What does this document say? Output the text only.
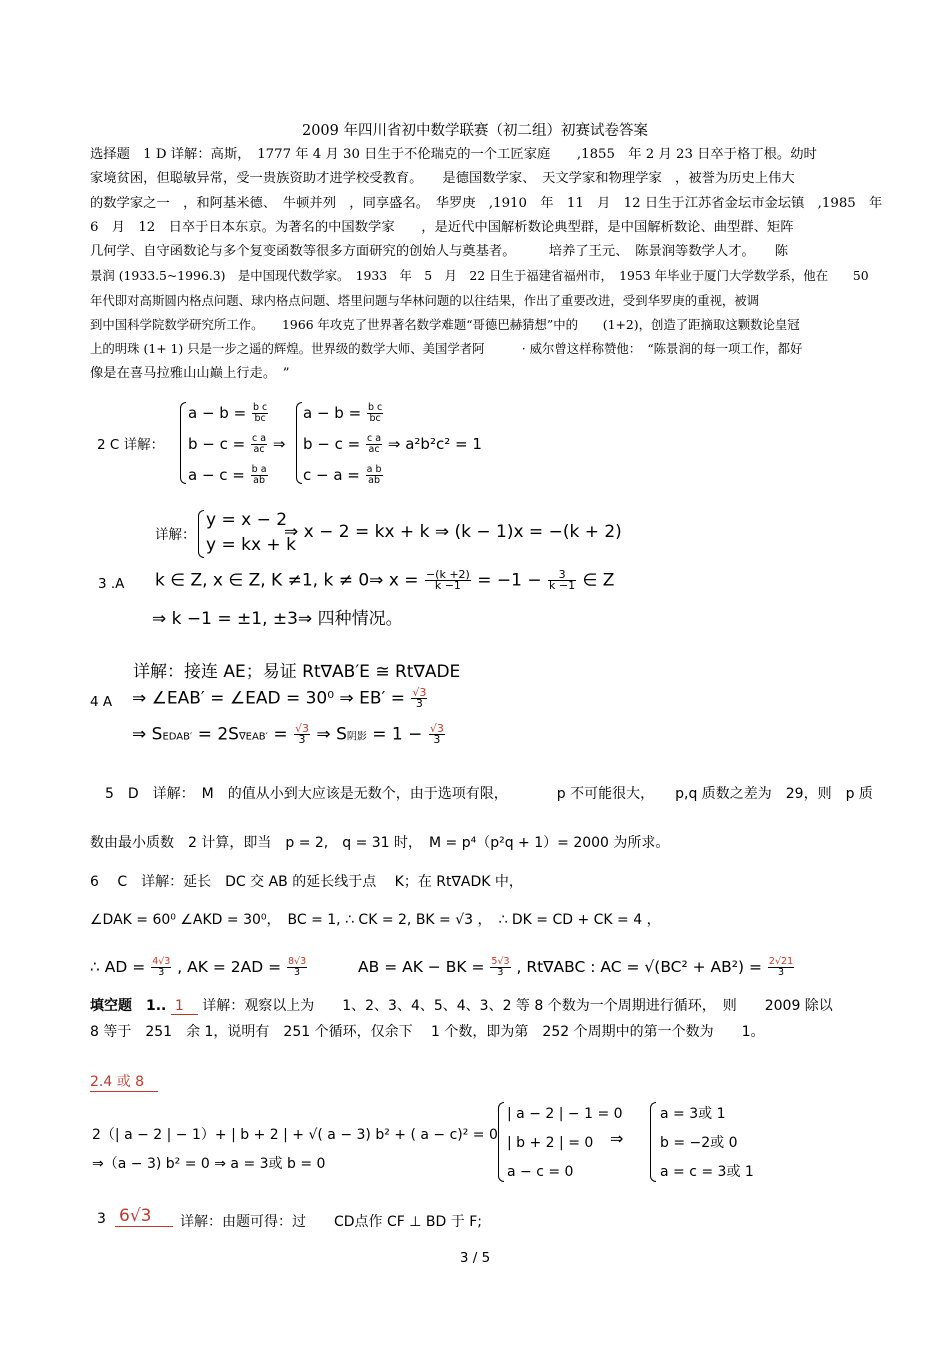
2009 年四川省初中数学联赛（初二组）初赛试卷答案

选择题　1 D 详解：高斯，　1777 年 4 月 30 日生于不伦瑞克的一个工匠家庭　　,1855　年 2 月 23 日卒于格丁根。幼时

家境贫困，但聪敏异常，受一贵族资助才进学校受教育。　　是德国数学家、　天文学家和物理学家　，被誉为历史上伟大

的数学家之一　，和阿基米德、　牛顿并列　，同享盛名。　华罗庚　,1910　年　11　月　12 日生于江苏省金坛市金坛镇　,1985　年

6　月　12　日卒于日本东京。为著名的中国数学家　　，是近代中国解析数论典型群，是中国解析数论、曲型群、矩阵

几何学、自守函数论与多个复变函数等很多方面研究的创始人与奠基者。　　　培养了王元、　陈景润等数学人才。　　陈

景润 (1933.5~1996.3)　是中国现代数学家。　1933　年　5　月　22 日生于福建省福州市，　1953 年毕业于厦门大学数学系，他在　　50

年代即对高斯圆内格点问题、球内格点问题、塔里问题与华林问题的以往结果，作出了重要改进，受到华罗庚的重视，被调

到中国科学院数学研究所工作。　　1966 年攻克了世界著名数学难题“哥德巴赫猜想”中的　　(1+2)，创造了距摘取这颗数论皇冠

上的明珠 (1+ 1) 只是一步之遥的辉煌。世界级的数学大师、美国学者阿　　　· 威尔曾这样称赞他：　“陈景润的每一项工作，都好

像是在喜马拉雅山山巅上行走。　”

2 C 详解：
$a - b = \frac{\text{b c}}{bc}$
$b - c = \frac{\text{c a}}{ac}$ ⇒
$a - c = \frac{\text{b a}}{ab}$
$a - b = \frac{\text{b c}}{bc}$
$b - c = \frac{\text{c a}}{ac}$ ⇒ a²b²c² = 1
$c - a = \frac{\text{a b}}{ab}$
详解：
y = x − 2
y = kx + k
⇒ x − 2 = kx + k ⇒ (k − 1)x = −(k + 2)
3 .A k ∈ Z, x ∈ Z, K ≠1, k ≠ 0⇒ $x = \frac{-(k +2)}{k -1} = -1 - \frac{3}{k -1}$ ∈ Z
⇒ k −1 = ±1, ±3⇒ 四种情况。
详解：接连 AE；易证 Rt∇AB′E ≅ Rt∇ADE
4 A ⇒ ∠EAB′ = ∠EAD = 30⁰ ⇒ $EB' = \frac{√3}{3}$
⇒ SEDAB′ = $2S\nabla EAB' = \frac{√3}{3}$ ⇒ S阴影 = $1 - \frac{√3}{3}$
5　D　详解：　M　的值从小到大应该是无数个，由于选项有限，　　　　p 不可能很大，　　p,q 质数之差为　29，则　p 质
数由最小质数　2 计算，即当　p = 2,　q = 31 时，　M = p⁴（p²q + 1）= 2000 为所求。
6　 C　详解：延长　DC 交 AB 的延长线于点　 K；在 Rt∇ADK 中，
∠DAK = 60⁰ ∠AKD = 30⁰，　BC = 1, ∴ CK = 2, BK = √3 ，　∴ DK = CD + CK = 4 ，
∴ AD = $\frac{4√3}{3}$ , AK = $2AD = \frac{8√3}{3}$	AB = AK − BK = $\frac{5√3}{3}$ , Rt∇ABC : AC = $√(BC^2 + AB^2) = \frac{2√21}{3}$
填空题　1.. 1 详解：观察以上为　　1、2、3、4、5、4、3、2 等 8 个数为一个周期进行循环，　则　　2009 除以
8 等于　251　余 1，说明有　251 个循环，仅余下　 1 个数，即为第　252 个周期中的第一个数为　　1。
2.4 或 8
2（| a − 2 | − 1）+ | b + 2 | + √( a − 3) b² + ( a − c)² = 0
⇒（a − 3) b² = 0 ⇒ a = 3或 b = 0
| a − 2 | − 1 = 0
| b + 2 | = 0
a − c = 0
⇒
a = 3或 1
b = −2或 0
a = c = 3或 1
3 6√3	详解：由题可得：过　　CD点作 CF ⊥ BD 于 F;
3 / 5
